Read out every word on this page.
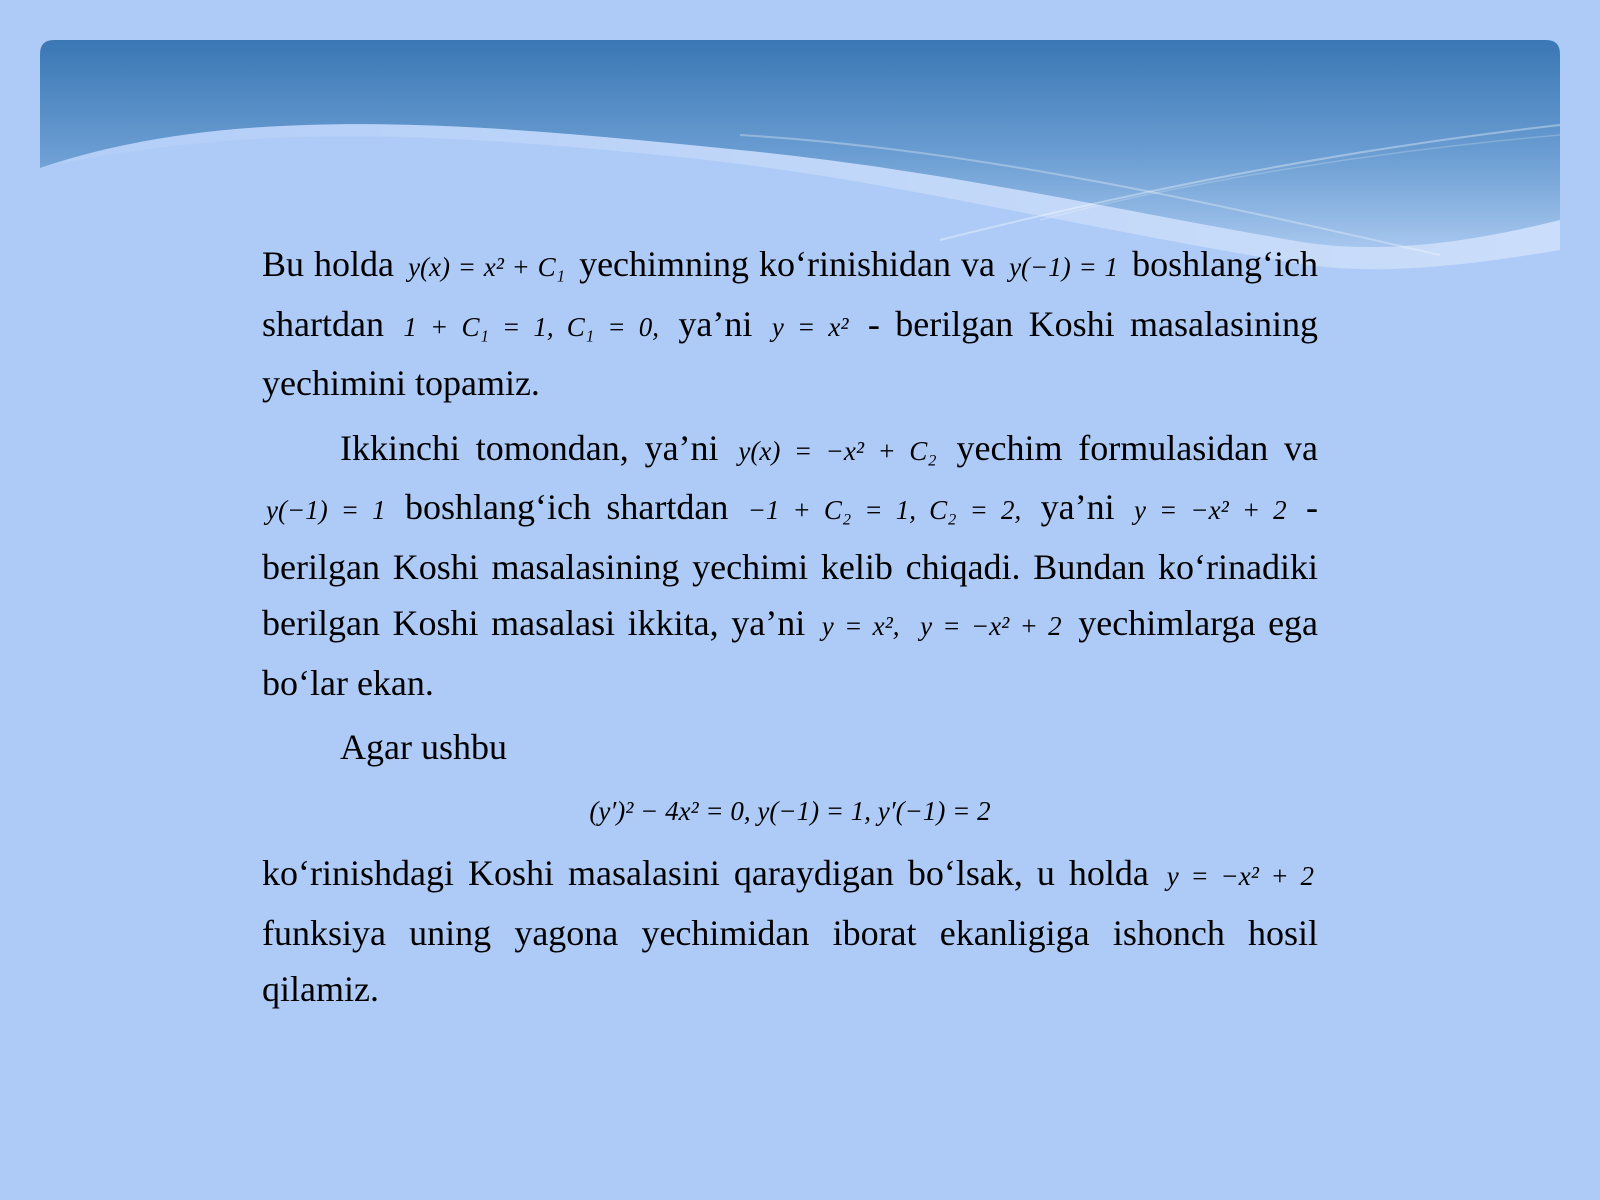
Bu holda y(x) = x² + C₁ yechimning ko‘rinishidan va y(−1) = 1 boshlang‘ich shartdan 1 + C₁ = 1, C₁ = 0, ya’ni y = x² - berilgan Koshi masalasining yechimini topamiz.

Ikkinchi tomondan, ya’ni y(x) = −x² + C₂ yechim formulasidan va y(−1) = 1 boshlang‘ich shartdan −1 + C₂ = 1, C₂ = 2, ya’ni y = −x² + 2 - berilgan Koshi masalasining yechimi kelib chiqadi. Bundan ko‘rinadiki berilgan Koshi masalasi ikkita, ya’ni y = x², y = −x² + 2 yechimlarga ega bo‘lar ekan.

Agar ushbu

(y′)² − 4x² = 0, y(−1) = 1, y′(−1) = 2

ko‘rinishdagi Koshi masalasini qaraydigan bo‘lsak, u holda y = −x² + 2 funksiya uning yagona yechimidan iborat ekanligiga ishonch hosil qilamiz.
